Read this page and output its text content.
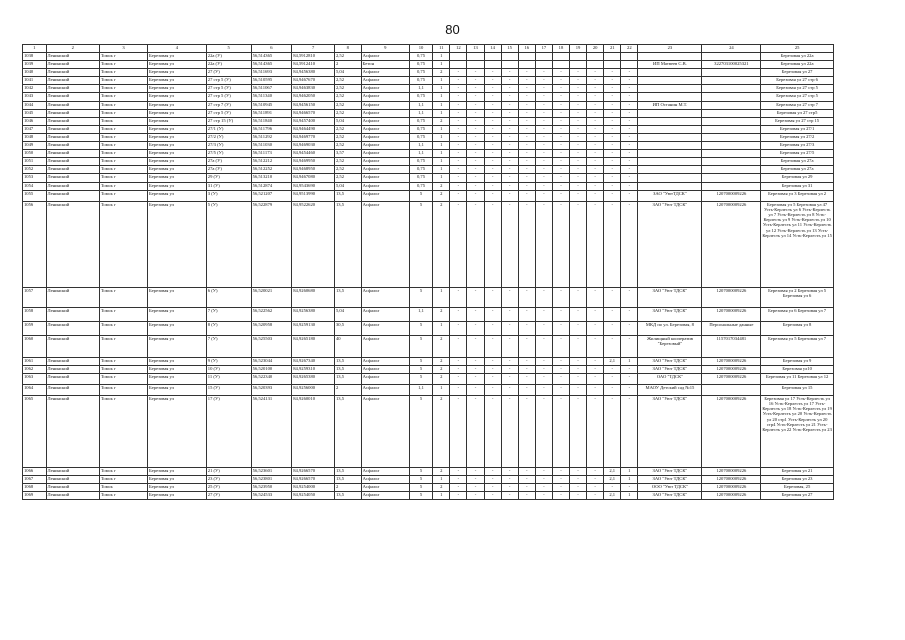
80
1	2	3	4	5	6	7	8	9	10	11	12	13	14	15	16	17	18	19	20	21	22	23	24	25
1038	Ленинский	Томск г	Березовая ул	22a (У)	56,514365	84,5912810	2,52	Асфальт	0,75	1														Березовая ул 22a
1039	Ленинский	Томск г	Березовая ул	22a (У)	56,514365	84,5912410	2	Бетон	0,75	1												ИП Матвеев С.В.	322703100025321	Березовая ул 22a
1040	Ленинский	Томск г	Березовая ул	27 (У)	56,511693	84,9456380	5,04	Асфальт	0,75	2	-	-	-	-	-	-	-	-	-	-	-			Березовая ул 27
1041	Ленинский	Томск г	Березовая ул	27 стр 5 (У)	56,510595	84,9467670	2,52	Асфальт	0,75	1	-	-	-	-	-	-	-	-	-	-	-			Березовая ул 27 стр 6
1042	Ленинский	Томск г	Березовая ул	27 стр 5 (У)	56,511067	84,9463830	2,52	Асфальт	1,1	1	-	-	-	-	-	-	-	-	-	-	-			Березовая ул 27 стр 5
1043	Ленинский	Томск г	Березовая ул	27 стр 5 (У)	56,511340	84,9462050	2,52	Асфальт	0,75	1	-	-	-	-	-	-	-	-	-	-	-			Березовая ул 27 стр 5
1044	Ленинский	Томск г	Березовая ул	27 стр 7 (У)	56,510945	84,9456150	2,52	Асфальт	1,1	1	-	-	-	-	-	-	-	-	-	-	-	ИП Останин М.Т.		Березовая ул 27 стр 7
1045	Ленинский	Томск г	Березовая ул	27 стр 5 (У)	56,511891	84,9466570	2,52	Асфальт	1,1	1	-	-	-	-	-	-	-	-	-	-	-			Березовая ул 27 стр5
1046	Ленинский	Томск	Березовая	27 стр 15 (У)	56,511840	84,9457400	5,04	Асфальт	0,75	2	-	-	-	-	-	-	-	-	-	-	-			Березовая ул 27 стр 15
1047	Ленинский	Томск г	Березовая ул	27/1 (У)	56,511796	84,9464490	2,52	Асфальт	0,75	1	-	-	-	-	-	-	-	-	-	-	-			Березовая ул 27/1
1048	Ленинский	Томск г	Березовая ул	27/2 (У)	56,511292	84,9469770	2,52	Асфальт	0,75	1	-	-	-	-	-	-	-	-	-	-	-			Березовая ул 27/2
1049	Ленинский	Томск г	Березовая ул	27/3 (У)	56,511030	84,9469030	2,52	Асфальт	1,1	1	-	-	-	-	-	-	-	-	-	-	-			Березовая ул 27/3
1050	Ленинский	Томск г	Березовая ул	27/5 (У)	56,511173	84,9454460	3,57	Асфальт	1,1	1	-	-	-	-	-	-	-	-	-	-	-			Березовая ул 27/5
1051	Ленинский	Томск г	Березовая ул	27a (У)	56,512212	84,9469950	2,52	Асфальт	0,75	1	-	-	-	-	-	-	-	-	-	-	-			Березовая ул 27a
1052	Ленинский	Томск г	Березовая ул	27a (У)	56,512252	84,9468950	2,52	Асфальт	0,75	1	-	-	-	-	-	-	-	-	-	-	-			Березовая ул 27a
1053	Ленинский	Томск г	Березовая ул	29 (У)	56,513210	84,9467080	2,52	Асфальт	0,75	1	-	-	-	-	-	-	-	-	-	-	-			Березовая ул 29
1054	Ленинский	Томск г	Березовая ул	31 (У)	56,512874	84,9543690	5,04	Асфальт	0,75	2	-	-	-	-	-	-	-	-	-	-	-			Березовая ул 31
1055	Ленинский	Томск г	Березовая ул	3 (У)	56,521207	84,9513990	13,5	Асфальт	5	2	-	-	-	-	-	-	-	-	-	-	-	ЗАО "УютТДСК"	1207000009226	Березовая ул 3 Березовая ул 2
1056	Ленинский	Томск г	Березовая ул	5 (У)	56,522879	84,9522620	13,5	Асфальт	5	2	-	-	-	-	-	-	-	-	-	-	-	ЗАО "Уют ТДСК"	1207000009226	Березовая ул 5 Березовая ул 47 Усть-Керлесть ул 6 Усть-Керлесть ул 7 Усть-Керлесть ул 8 Усть-Керлесть ул 9 Усть-Керлесть ул 10 Усть-Керлесть ул 11 Усть-Керлесть ул 12 Усть-Керлесть ул 13 Усть-Керлесть ул 14 Усть-Керлесть ул 15
1057	Ленинский	Томск г	Березовая ул	6 (У)	56,520021	84,9260680	13,5	Асфальт	5	1	-	-	-	-	-	-	-	-	-	-	-	ЗАО "Уют ТДСК"	1207000009226	Березовая ул 2 Березовая ул 5 Березовая ул 6
1058	Ленинский	Томск г	Березовая ул	7 (У)	56,522562	84,9256380	5,04	Асфальт	1,1	2	-	-	-	-	-	-	-	-	-	-	-	ЗАО "Уют ТДСК"	1207000009226	Березовая ул 6 Березовая ул 7
1059	Ленинский	Томск г	Березовая ул	8 (У)	56,520958	84,9259130	30,5	Асфальт	5	1	-	-	-	-	-	-	-	-	-	-	-	МКД по ул. Березовая, 8	Персональные данные	Березовая ул 8
1060	Ленинский	Томск г	Березовая ул	7 (У)	56,525503	84,9265180	40	Асфальт	5	2	-	-	-	-	-	-	-	-	-	-	-	Жилищный кооператив "Березовый"	1157017034481	Березовая ул 5 Березовая ул 7
1061	Ленинский	Томск г	Березовая ул	9 (У)	56,523044	84,9267340	13,5	Асфальт	5	2	-	-	-	-	-	-	-	-	-	2,1	1	ЗАО "Уют ТДСК"	1207000009226	Березовая ул 9
1062	Ленинский	Томск г	Березовая ул	10 (У)	56,520100	84,9259310	13,5	Асфальт	5	2	-	-	-	-	-	-	-	-	-	-	-	ЗАО "Уют ТДСК"	1207000009226	Березовая ул10
1063	Ленинский	Томск г	Березовая ул	11 (У)	56,522340	84,9265380	13,5	Асфальт	5	2	-	-	-	-	-	-	-	-	-	-	-	ОАО "ТДСК"	1207000009226	Березовая ул 11 Березовая ул 12
1064	Ленинский	Томск г	Березовая ул	15 (У)	56,520393	84,9256000	2	Асфальт	1,1	1	-	-	-	-	-	-	-	-	-	-	-	МАОУ Детский сад №15		Березовая ул 15
1065	Ленинский	Томск г	Березовая ул	17 (У)	56,524131	84,9260010	13,5	Асфальт	5	2	-	-	-	-	-	-	-	-	-	-	-	ЗАО "Уют ТДСК"	1207000009226	Березовая ул 17 Усть-Керлесть ул 16 Усть-Керлесть ул 17 Усть-Керлесть ул 18 Усть-Керлесть ул 19 Усть-Керлесть ул 20 Усть-Керлесть ул 20 стр1 Усть-Керлесть ул 20 стр4 Усть-Керлесть ул 21 Усть-Керлесть ул 22 Усть-Керлесть ул 23
1066	Ленинский	Томск г	Березовая ул	21 (У)	56,523601	84,9266570	13,5	Асфальт	5	2	-	-	-	-	-	-	-	-	-	2,1	1	ЗАО "Уют ТДСК"	1207000009226	Березовая ул 21
1067	Ленинский	Томск г	Березовая ул	23 (У)	56,523801	84,9266570	13,5	Асфальт	5	1	-	-	-	-	-	-	-	-	-	2,1	1	ЗАО "Уют ТДСК"	1207000009226	Березовая ул 23
1068	Ленинский	Томск	Березовая ул	25 (У)	56,523950	84,9254000	2	Асфальт	5	2	-	-	-	-	-	-	-	-	-	-	-	ООО "Уют ТДСК"	1207000009226	Березовая, 25
1069	Ленинский	Томск г	Березовая ул	27 (У)	56,524533	84,9254050	13,5	Асфальт	5	1	-	-	-	-	-	-	-	-	-	2,1	1	ЗАО "Уют ТДСК"	1207000009226	Березовая ул 27
